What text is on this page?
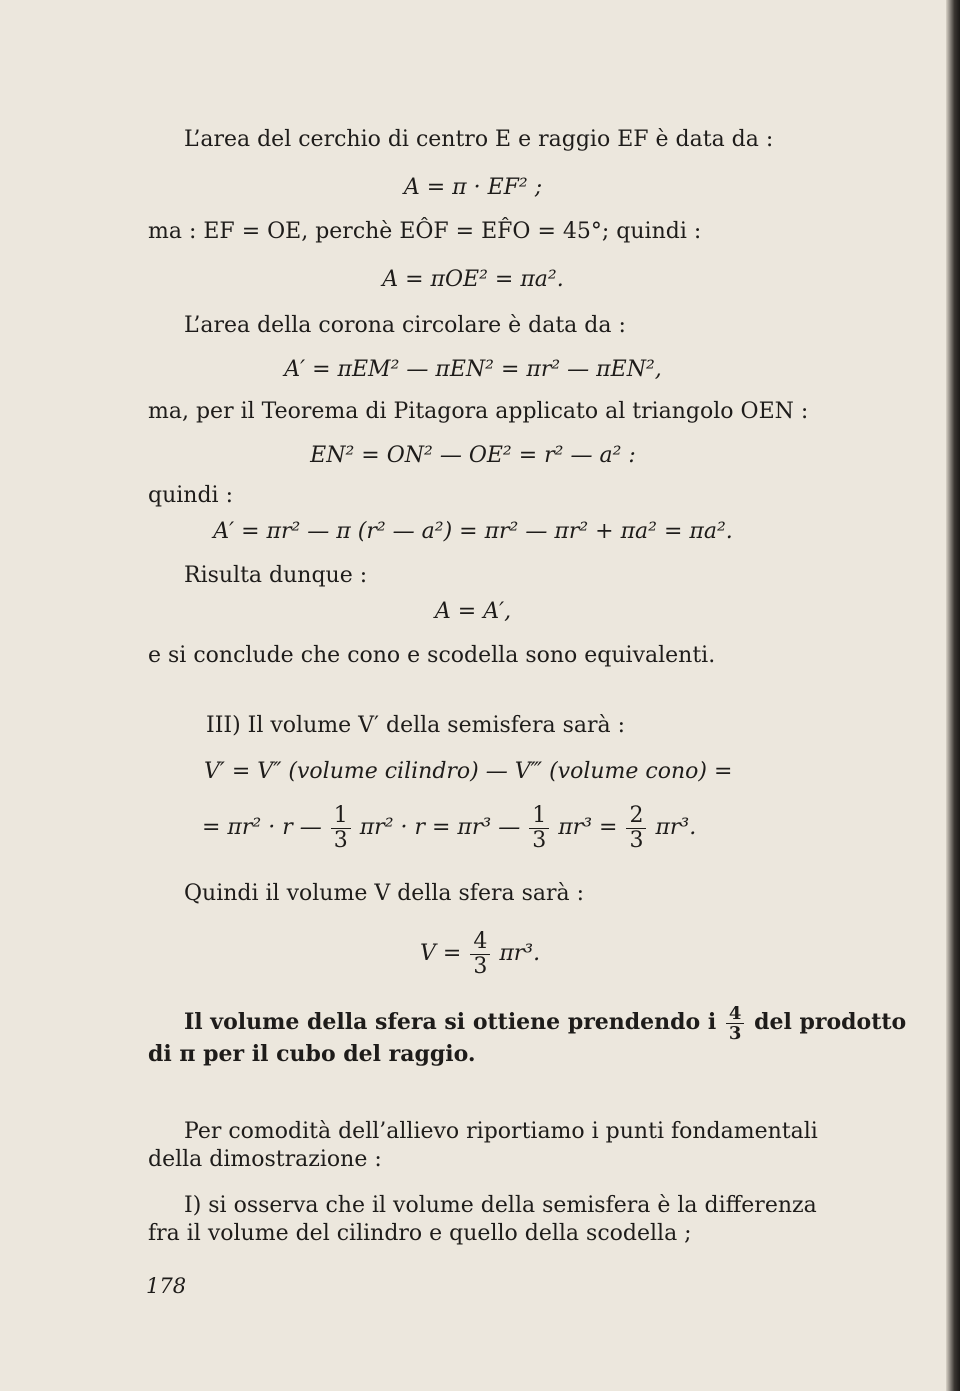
L’area del cerchio di centro E e raggio EF è data da :
A = π · EF² ;
ma : EF = OE, perchè EÔF = EF̂O = 45°; quindi :
A = πOE² = πa².
L’area della corona circolare è data da :
A′ = πEM² — πEN² = πr² — πEN²,
ma, per il Teorema di Pitagora applicato al triangolo OEN :
EN² = ON² — OE² = r² — a² :
quindi :
A′ = πr² — π (r² — a²) = πr² — πr² + πa² = πa².
Risulta dunque :
A = A′,
e si conclude che cono e scodella sono equivalenti.
III) Il volume V′ della semisfera sarà :
V′ = V″ (volume cilindro) — V‴ (volume cono) =
= πr² · r — $\frac{1}{3} \pi r^2 \cdot r = \pi r^3$ — $\frac{1}{3} \pi r^3 = \frac{2}{3} \pi r^3$.
Quindi il volume V della sfera sarà :
$V = \frac{4}{3} \pi r^3$.
Il volume della sfera si ottiene prendendo i $\frac{4}{3}$ del prodotto
di π per il cubo del raggio.
Per comodità dell’allievo riportiamo i punti fondamentali
della dimostrazione :
I) si osserva che il volume della semisfera è la differenza
fra il volume del cilindro e quello della scodella ;
178
